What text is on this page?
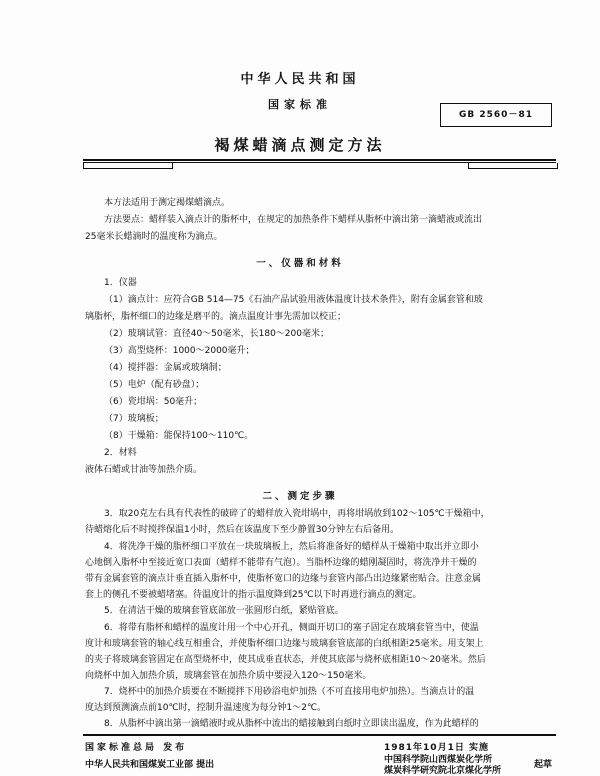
中华人民共和国
国家标准
GB 2560－81
褐煤蜡滴点测定方法
本方法适用于测定褐煤蜡滴点。
方法要点：蜡样装入滴点计的脂杯中，在规定的加热条件下蜡样从脂杯中滴出第一滴蜡液或流出
25毫米长蜡滴时的温度称为滴点。
一、仪器和材料
1．仪器
（1）滴点计：应符合GB 514—75《石油产品试验用液体温度计技术条件》，附有金属套管和玻
璃脂杯，脂杯细口的边缘是磨平的。滴点温度计事先需加以校正；
（2）玻璃试管：直径40～50毫米，长180～200毫米；
（3）高型烧杯：1000～2000毫升；
（4）搅拌器：金属或玻璃制；
（5）电炉（配有砂盘）；
（6）瓷坩埚：50毫升；
（7）玻璃板；
（8）干燥箱：能保持100～110℃。
2．材料
液体石蜡或甘油等加热介质。
二、测定步骤
3．取20克左右具有代表性的破碎了的蜡样放入瓷坩埚中，再将坩埚放到102～105℃干燥箱中，
待蜡熔化后不时搅拌保温1小时，然后在该温度下至少静置30分钟左右后备用。
4．将洗净干燥的脂杯细口平放在一块玻璃板上，然后将准备好的蜡样从干燥箱中取出并立即小
心地倒入脂杯中至接近宽口表面（蜡样不能带有气泡）。当脂杯边缘的蜡刚凝固时，将洗净并干燥的
带有金属套管的滴点计垂直插入脂杯中，使脂杯宽口的边缘与套管内部凸出边缘紧密贴合。注意金属
套上的侧孔不要被蜡堵塞。待温度计的指示温度降到25℃以下时再进行滴点的测定。
5．在清洁干燥的玻璃套管底部放一张圆形白纸，紧贴管底。
6．将带有脂杯和蜡样的温度计用一个中心开孔，侧面开切口的塞子固定在玻璃套管当中，使温
度计和玻璃套管的轴心线互相重合，并使脂杯细口边缘与玻璃套管底部的白纸相距25毫米。用支架上
的夹子将玻璃套管固定在高型烧杯中，使其成垂直状态，并使其底部与烧杯底相距10～20毫米。然后
向烧杯中加入加热介质，玻璃套管在加热介质中要浸入120～150毫米。
7．烧杯中的加热介质要在不断搅拌下用砂浴电炉加热（不可直接用电炉加热）。当滴点计的温
度达到预测滴点前10℃时，控制升温速度为每分钟1～2℃。
8．从脂杯中滴出第一滴蜡液时或从脂杯中流出的蜡接触到白纸时立即读出温度，作为此蜡样的
国家标准总局 发布	1981年10月1日 实施
中华人民共和国煤炭工业部 提出	中国科学院山西煤炭化学所
煤炭科学研究院北京煤化学所
起草
